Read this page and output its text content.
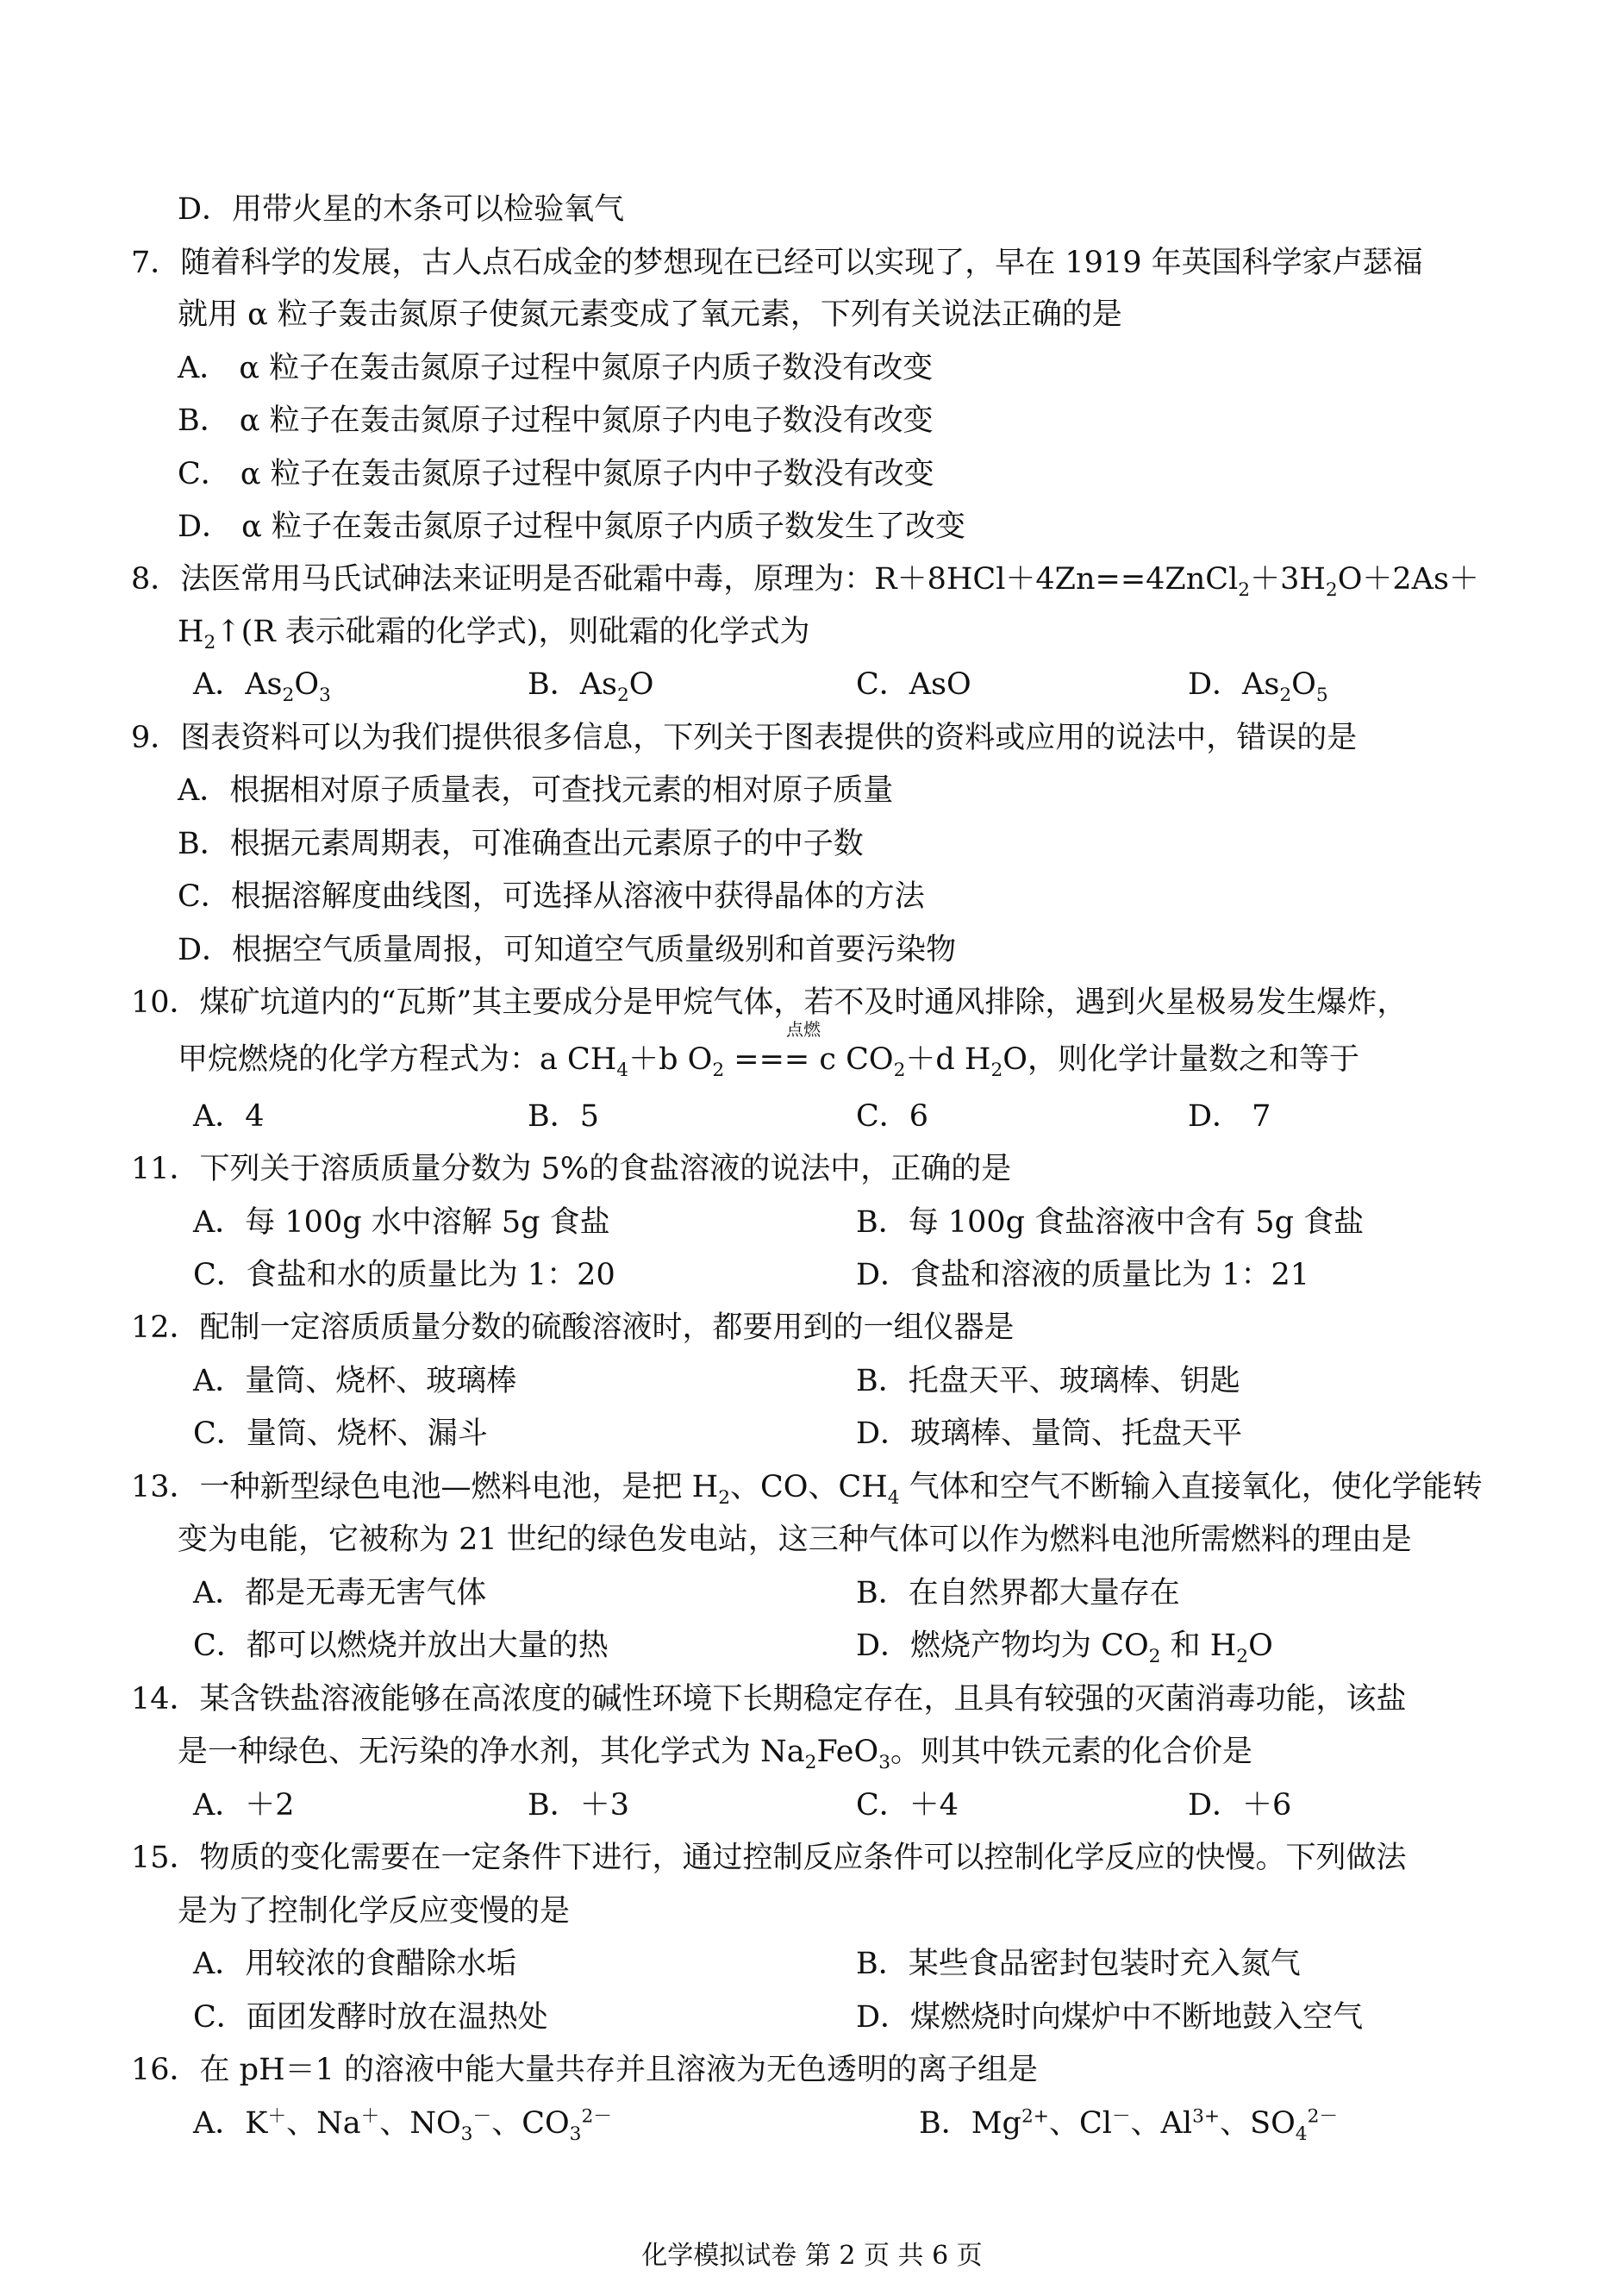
D．用带火星的木条可以检验氧气
7．随着科学的发展，古人点石成金的梦想现在已经可以实现了，早在 1919 年英国科学家卢瑟福
就用 α 粒子轰击氮原子使氮元素变成了氧元素，下列有关说法正确的是
A． α 粒子在轰击氮原子过程中氮原子内质子数没有改变
B． α 粒子在轰击氮原子过程中氮原子内电子数没有改变
C． α 粒子在轰击氮原子过程中氮原子内中子数没有改变
D． α 粒子在轰击氮原子过程中氮原子内质子数发生了改变
8．法医常用马氏试砷法来证明是否砒霜中毒，原理为：$R+8HCl+4Zn==4ZnCl_2+3H_2O+2As+$
$H_2↑(R$ 表示砒霜的化学式)，则砒霜的化学式为
A．$As_2O_3$	B．$As_2O$	C．AsO	D．$As_2O_5$
9．图表资料可以为我们提供很多信息，下列关于图表提供的资料或应用的说法中，错误的是
A．根据相对原子质量表，可查找元素的相对原子质量
B．根据元素周期表，可准确查出元素原子的中子数
C．根据溶解度曲线图，可选择从溶液中获得晶体的方法
D．根据空气质量周报，可知道空气质量级别和首要污染物
10．煤矿坑道内的“瓦斯”其主要成分是甲烷气体，若不及时通风排除，遇到火星极易发生爆炸，
点燃
甲烷燃烧的化学方程式为：a $CH_4+b$ $O_2$ === c $CO_2+d$ $H_2O$，则化学计量数之和等于
A．4	B．5	C．6	D． 7
11．下列关于溶质质量分数为 5%的食盐溶液的说法中，正确的是
A．每 100g 水中溶解 5g 食盐	B．每 100g 食盐溶液中含有 5g 食盐
C．食盐和水的质量比为 1：20	D．食盐和溶液的质量比为 1：21
12．配制一定溶质质量分数的硫酸溶液时，都要用到的一组仪器是
A．量筒、烧杯、玻璃棒	B．托盘天平、玻璃棒、钥匙
C．量筒、烧杯、漏斗	D．玻璃棒、量筒、托盘天平
13．一种新型绿色电池—燃料电池，是把 $H_2$、CO、$CH_4$ 气体和空气不断输入直接氧化，使化学能转
变为电能，它被称为 21 世纪的绿色发电站，这三种气体可以作为燃料电池所需燃料的理由是
A．都是无毒无害气体	B．在自然界都大量存在
C．都可以燃烧并放出大量的热	D．燃烧产物均为 $CO_2$ 和 $H_2O$
14．某含铁盐溶液能够在高浓度的碱性环境下长期稳定存在，且具有较强的灭菌消毒功能，该盐
是一种绿色、无污染的净水剂，其化学式为 $Na_2FeO_3$。则其中铁元素的化合价是
A．＋2	B．＋3	C．＋4	D．＋6
15．物质的变化需要在一定条件下进行，通过控制反应条件可以控制化学反应的快慢。下列做法
是为了控制化学反应变慢的是
A．用较浓的食醋除水垢	B．某些食品密封包装时充入氮气
C．面团发酵时放在温热处	D．煤燃烧时向煤炉中不断地鼓入空气
16．在 pH＝1 的溶液中能大量共存并且溶液为无色透明的离子组是
A．K＋、Na＋、$NO_3^-$、$CO_3^{2-}$	B．$Mg^{2+}$、Cl－、$Al^{3+}$、$SO_4^{2-}$
化学模拟试卷 第 2 页 共 6 页
